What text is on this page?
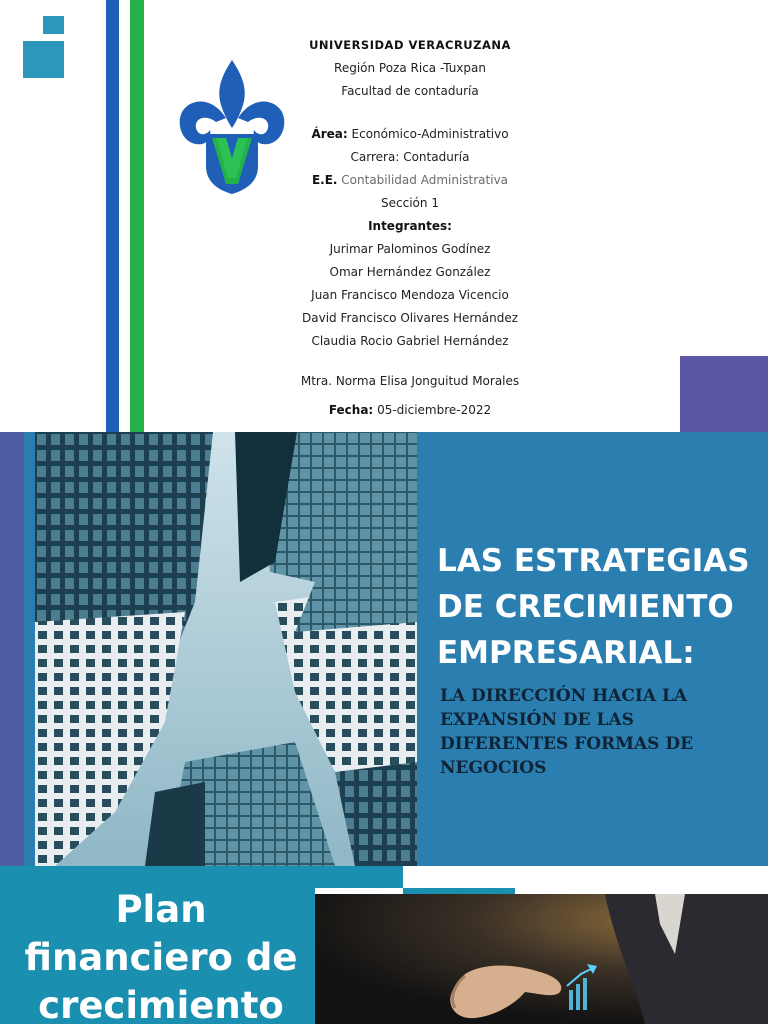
UNIVERSIDAD VERACRUZANA
Región Poza Rica -Tuxpan
Facultad de contaduría
Área: Económico-Administrativo
Carrera: Contaduría
E.E. Contabilidad Administrativa
Sección 1
Integrantes:
Jurimar Palominos Godínez
Omar Hernández González
Juan Francisco Mendoza Vicencio
David Francisco Olivares Hernández
Claudia Rocio Gabriel Hernández
Mtra. Norma Elisa Jonguitud Morales
Fecha: 05-diciembre-2022
LAS ESTRATEGIAS DE CRECIMIENTO EMPRESARIAL:
LA DIRECCIÓN HACIA LA EXPANSIÓN DE LAS DIFERENTES FORMAS DE NEGOCIOS
Plan
financiero de
crecimiento
